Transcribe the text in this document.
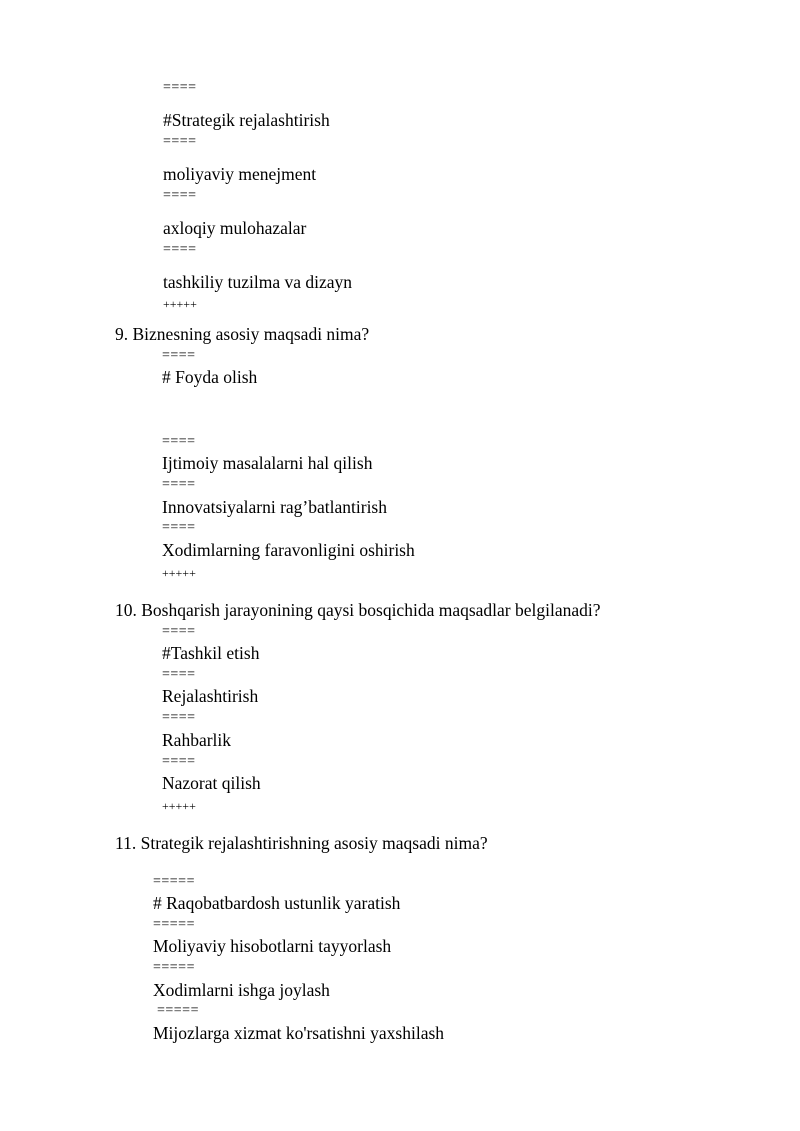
====
#Strategik rejalashtirish
====
moliyaviy menejment
====
axloqiy mulohazalar
====
tashkiliy tuzilma va dizayn
+++++
9. Biznesning asosiy maqsadi nima?
====
# Foyda olish
====
Ijtimoiy masalalarni hal qilish
====
Innovatsiyalarni rag’batlantirish
====
Xodimlarning faravonligini oshirish
+++++
10. Boshqarish jarayonining qaysi bosqichida maqsadlar belgilanadi?
====
#Tashkil etish
====
Rejalashtirish
====
Rahbarlik
====
Nazorat qilish
+++++
11. Strategik rejalashtirishning asosiy maqsadi nima?
=====
# Raqobatbardosh ustunlik yaratish
=====
Moliyaviy hisobotlarni tayyorlash
=====
Xodimlarni ishga joylash
=====
Mijozlarga xizmat ko'rsatishni yaxshilash
